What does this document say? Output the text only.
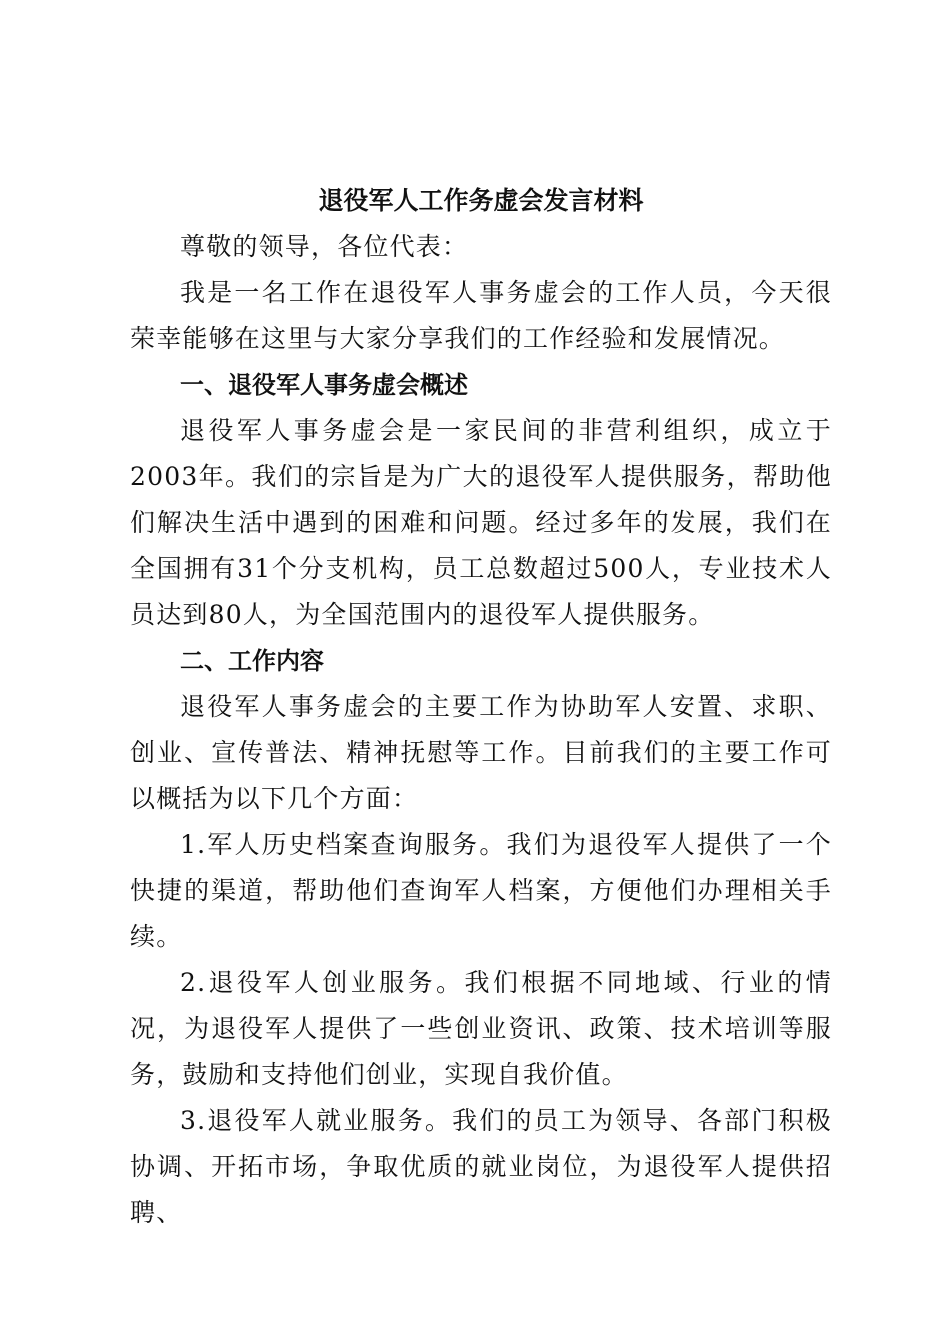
退役军人工作务虚会发言材料

尊敬的领导，各位代表：

我是一名工作在退役军人事务虚会的工作人员，今天很荣幸能够在这里与大家分享我们的工作经验和发展情况。

一、退役军人事务虚会概述

退役军人事务虚会是一家民间的非营利组织，成立于2003年。我们的宗旨是为广大的退役军人提供服务，帮助他们解决生活中遇到的困难和问题。经过多年的发展，我们在全国拥有31个分支机构，员工总数超过500人，专业技术人员达到80人，为全国范围内的退役军人提供服务。

二、工作内容

退役军人事务虚会的主要工作为协助军人安置、求职、创业、宣传普法、精神抚慰等工作。目前我们的主要工作可以概括为以下几个方面：

1.军人历史档案查询服务。我们为退役军人提供了一个快捷的渠道，帮助他们查询军人档案，方便他们办理相关手续。

2.退役军人创业服务。我们根据不同地域、行业的情况，为退役军人提供了一些创业资讯、政策、技术培训等服务，鼓励和支持他们创业，实现自我价值。

3.退役军人就业服务。我们的员工为领导、各部门积极协调、开拓市场，争取优质的就业岗位，为退役军人提供招聘、
